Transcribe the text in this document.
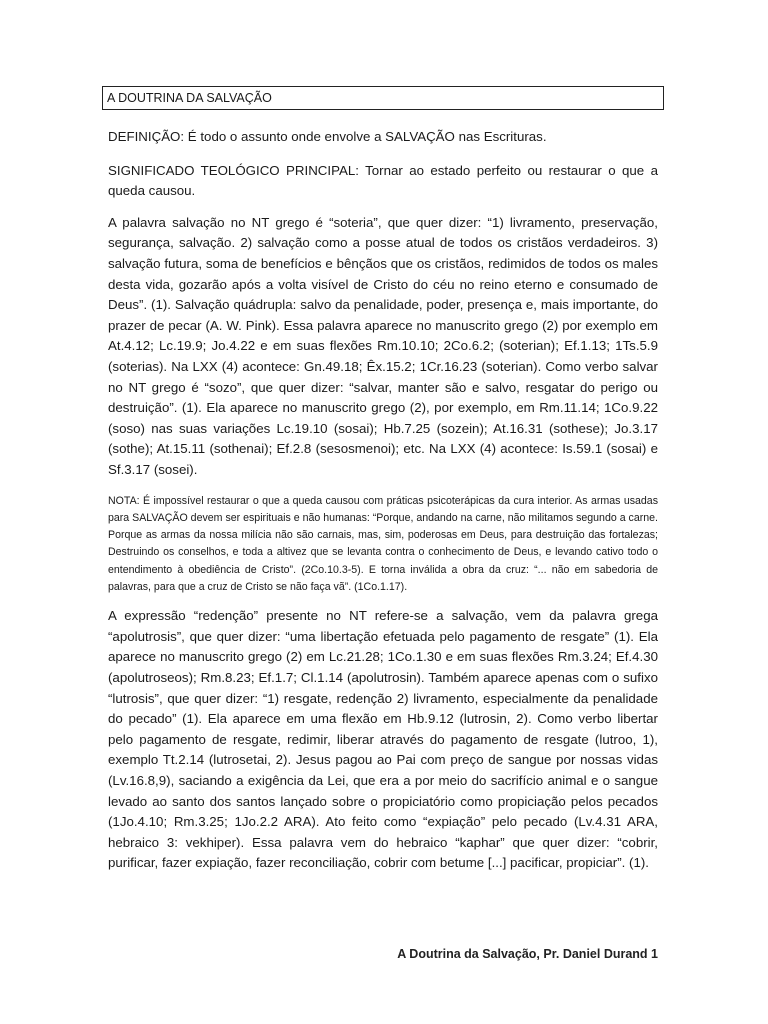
A DOUTRINA DA SALVAÇÃO

DEFINIÇÃO: É todo o assunto onde envolve a SALVAÇÃO nas Escrituras.

SIGNIFICADO TEOLÓGICO PRINCIPAL: Tornar ao estado perfeito ou restaurar o que a queda causou.

A palavra salvação no NT grego é “soteria”, que quer dizer: “1) livramento, preservação, segurança, salvação. 2) salvação como a posse atual de todos os cristãos verdadeiros. 3) salvação futura, soma de benefícios e bênçãos que os cristãos, redimidos de todos os males desta vida, gozarão após a volta visível de Cristo do céu no reino eterno e consumado de Deus”. (1). Salvação quádrupla: salvo da penalidade, poder, presença e, mais importante, do prazer de pecar (A. W. Pink). Essa palavra aparece no manuscrito grego (2) por exemplo em At.4.12; Lc.19.9; Jo.4.22 e em suas flexões Rm.10.10; 2Co.6.2; (soterian); Ef.1.13; 1Ts.5.9 (soterias). Na LXX (4) acontece: Gn.49.18; Êx.15.2; 1Cr.16.23 (soterian). Como verbo salvar no NT grego é “sozo”, que quer dizer: “salvar, manter são e salvo, resgatar do perigo ou destruição”. (1). Ela aparece no manuscrito grego (2), por exemplo, em Rm.11.14; 1Co.9.22 (soso) nas suas variações Lc.19.10 (sosai); Hb.7.25 (sozein); At.16.31 (sothese); Jo.3.17 (sothe); At.15.11 (sothenai); Ef.2.8 (sesosmenoi); etc. Na LXX (4) acontece: Is.59.1 (sosai) e Sf.3.17 (sosei).

NOTA: É impossível restaurar o que a queda causou com práticas psicoterápicas da cura interior. As armas usadas para SALVAÇÃO devem ser espirituais e não humanas: “Porque, andando na carne, não militamos segundo a carne. Porque as armas da nossa milícia não são carnais, mas, sim, poderosas em Deus, para destruição das fortalezas; Destruindo os conselhos, e toda a altivez que se levanta contra o conhecimento de Deus, e levando cativo todo o entendimento à obediência de Cristo”. (2Co.10.3-5). E torna inválida a obra da cruz: “... não em sabedoria de palavras, para que a cruz de Cristo se não faça vã”. (1Co.1.17).

A expressão “redenção” presente no NT refere-se a salvação, vem da palavra grega “apolutrosis”, que quer dizer: “uma libertação efetuada pelo pagamento de resgate” (1). Ela aparece no manuscrito grego (2) em Lc.21.28; 1Co.1.30 e em suas flexões Rm.3.24; Ef.4.30 (apolutroseos); Rm.8.23; Ef.1.7; Cl.1.14 (apolutrosin). Também aparece apenas com o sufixo “lutrosis”, que quer dizer: “1) resgate, redenção 2) livramento, especialmente da penalidade do pecado” (1). Ela aparece em uma flexão em Hb.9.12 (lutrosin, 2). Como verbo libertar pelo pagamento de resgate, redimir, liberar através do pagamento de resgate (lutroo, 1), exemplo Tt.2.14 (lutrosetai, 2). Jesus pagou ao Pai com preço de sangue por nossas vidas (Lv.16.8,9), saciando a exigência da Lei, que era a por meio do sacrifício animal e o sangue levado ao santo dos santos lançado sobre o propiciatório como propiciação pelos pecados (1Jo.4.10; Rm.3.25; 1Jo.2.2 ARA). Ato feito como “expiação” pelo pecado (Lv.4.31 ARA, hebraico 3: vekhiper). Essa palavra vem do hebraico “kaphar” que quer dizer: “cobrir, purificar, fazer expiação, fazer reconciliação, cobrir com betume [...] pacificar, propiciar”. (1).

A Doutrina da Salvação, Pr. Daniel Durand 1
